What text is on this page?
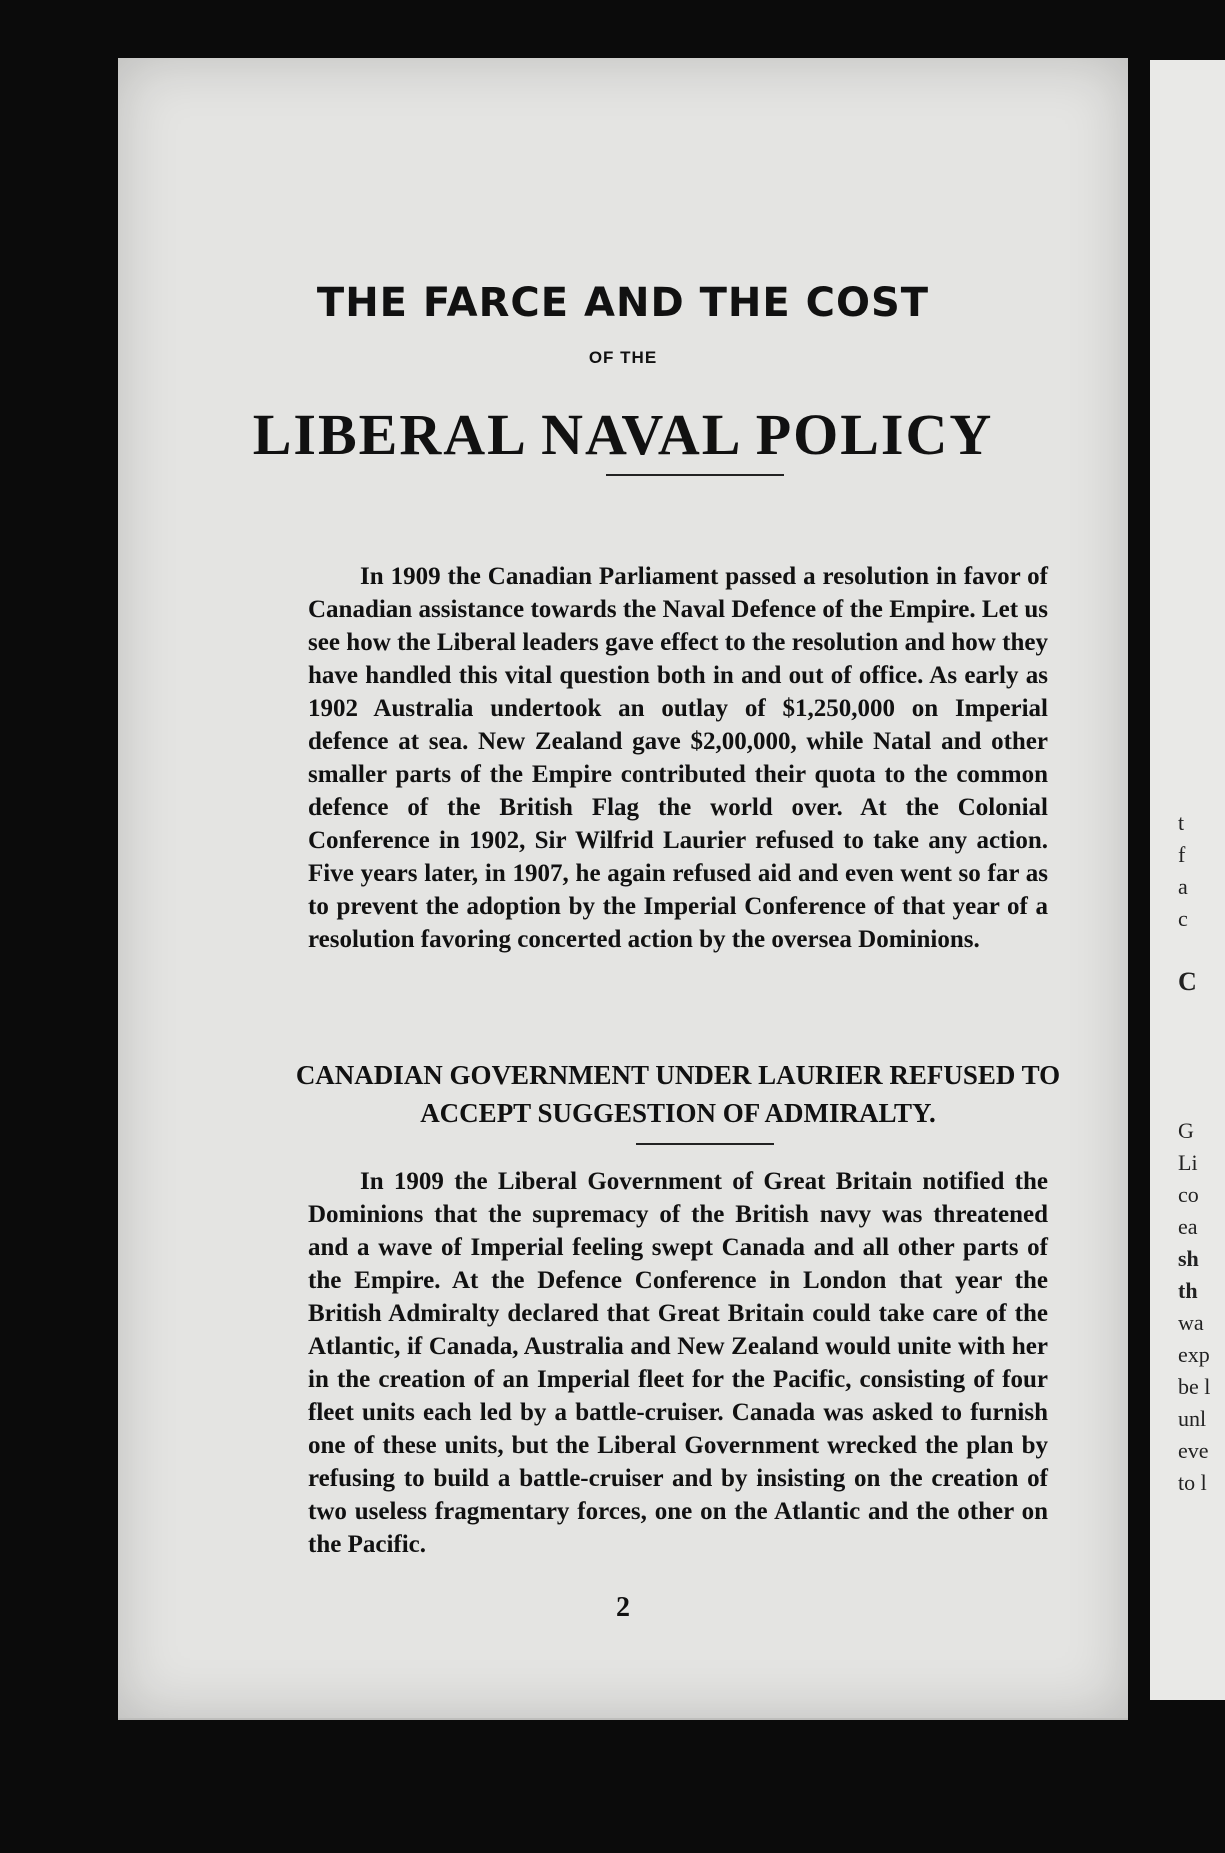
t
f
a
c
C
G
Li
co
ea
sh
th
wa
exp
be l
unl
eve
to l
THE FARCE AND THE COST
OF THE
LIBERAL NAVAL POLICY

In 1909 the Canadian Parliament passed a resolution in favor of Canadian assistance towards the Naval Defence of the Empire. Let us see how the Liberal leaders gave effect to the resolution and how they have handled this vital question both in and out of office. As early as 1902 Australia undertook an outlay of $1,250,000 on Imperial defence at sea. New Zealand gave $2,00,000, while Natal and other smaller parts of the Empire contributed their quota to the common defence of the British Flag the world over. At the Colonial Conference in 1902, Sir Wilfrid Laurier refused to take any action. Five years later, in 1907, he again refused aid and even went so far as to prevent the adoption by the Imperial Conference of that year of a resolution favoring concerted action by the oversea Dominions.

CANADIAN GOVERNMENT UNDER LAURIER REFUSED TO ACCEPT SUGGESTION OF ADMIRALTY.

In 1909 the Liberal Government of Great Britain notified the Dominions that the supremacy of the British navy was threatened and a wave of Imperial feeling swept Canada and all other parts of the Empire. At the Defence Conference in London that year the British Admiralty declared that Great Britain could take care of the Atlantic, if Canada, Australia and New Zealand would unite with her in the creation of an Imperial fleet for the Pacific, consisting of four fleet units each led by a battle-cruiser. Canada was asked to furnish one of these units, but the Liberal Government wrecked the plan by refusing to build a battle-cruiser and by insisting on the creation of two useless fragmentary forces, one on the Atlantic and the other on the Pacific.

2
